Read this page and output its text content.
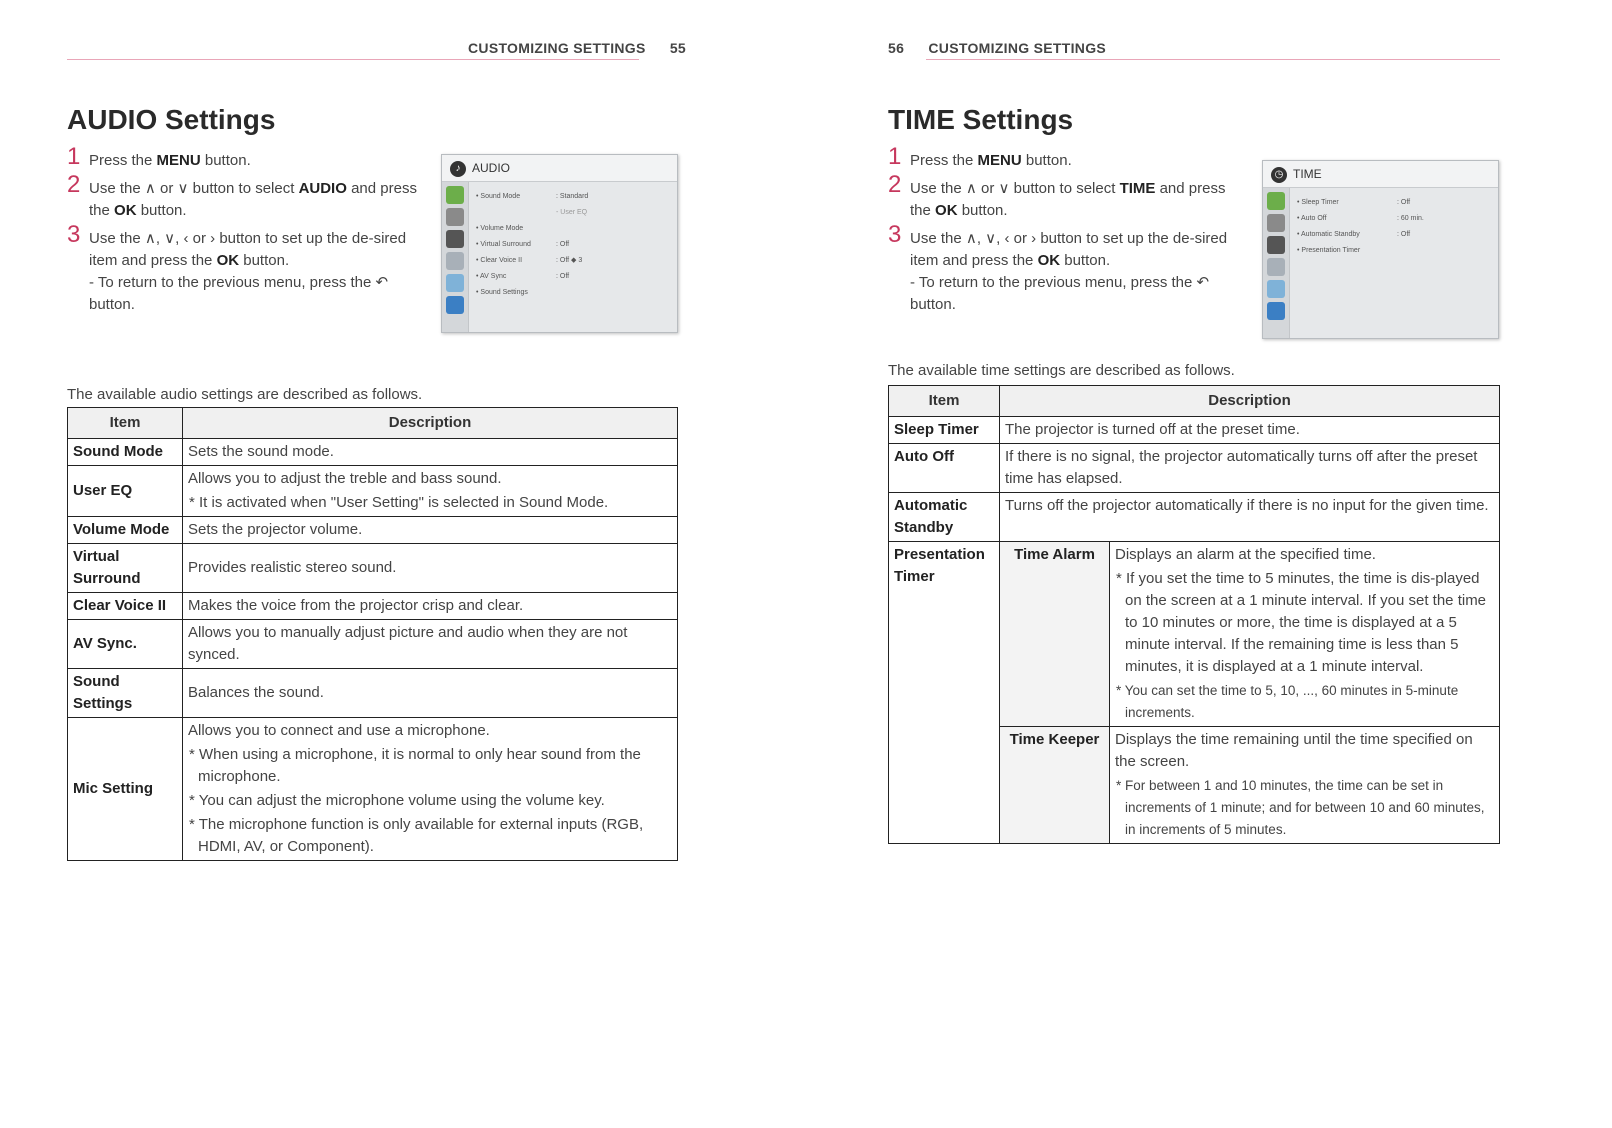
CUSTOMIZING SETTINGS 55
AUDIO Settings
1 Press the MENU button.
2 Use the ∧ or ∨ button to select AUDIO and press the OK button.
3 Use the ∧, ∨, ‹ or › button to set up the de-sired item and press the OK button.
- To return to the previous menu, press the ↶ button.
♪ AUDIO
• Sound Mode	: Standard
- User EQ
• Volume Mode
• Virtual Surround	: Off
• Clear Voice II	: Off ◆ 3
• AV Sync	: Off
• Sound Settings
The available audio settings are described as follows.
Item	Description
Sound Mode	Sets the sound mode.
User EQ	Allows you to adjust the treble and bass sound.
* It is activated when "User Setting" is selected in Sound Mode.

Volume Mode	Sets the projector volume.

Virtual
Surround	Provides realistic stereo sound.
Clear Voice II	Makes the voice from the projector crisp and clear.
AV Sync.	Allows you to manually adjust picture and audio when they are not synced.

Sound
Settings	Balances the sound.
Mic Setting	Allows you to connect and use a microphone.
* When using a microphone, it is normal to only hear sound from the microphone.
* You can adjust the microphone volume using the volume key.
* The microphone function is only available for external inputs (RGB, HDMI, AV, or Component).
56 CUSTOMIZING SETTINGS
TIME Settings
1 Press the MENU button.
2 Use the ∧ or ∨ button to select TIME and press the OK button.
3 Use the ∧, ∨, ‹ or › button to set up the de-sired item and press the OK button.
- To return to the previous menu, press the ↶ button.
◷ TIME
• Sleep Timer	: Off
• Auto Off	: 60 min.
• Automatic Standby	: Off
• Presentation Timer
The available time settings are described as follows.
Item	Description	
Sleep Timer	The projector is turned off at the preset time.	
Auto Off	If there is no signal, the projector automatically turns off after the preset time has elapsed.	

Automatic
Standby	Turns off the projector automatically if there is no input for the given time.	

Presentation
Timer	Time Alarm	Displays an alarm at the specified time.
* If you set the time to 5 minutes, the time is dis-played on the screen at a 1 minute interval. If you set the time to 10 minutes or more, the time is displayed at a 5 minute interval. If the remaining time is less than 5 minutes, it is displayed at a 1 minute interval.
* You can set the time to 5, 10, ..., 60 minutes in 5-minute increments.

	Time Keeper	Displays the time remaining until the time specified on the screen.
* For between 1 and 10 minutes, the time can be set in increments of 1 minute; and for between 10 and 60 minutes, in increments of 5 minutes.
